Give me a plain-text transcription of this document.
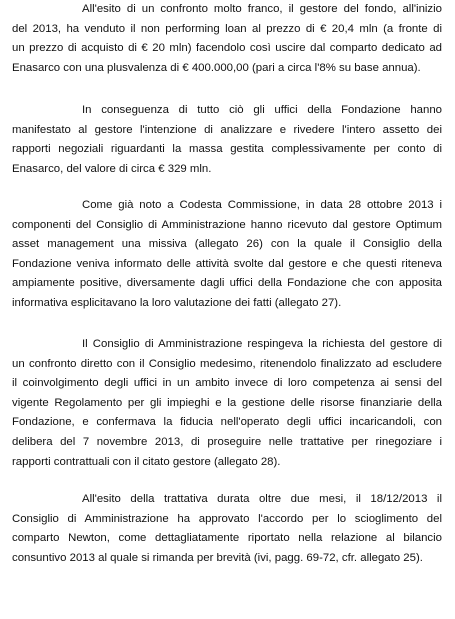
All'esito di un confronto molto franco, il gestore del fondo, all'inizio
del 2013, ha venduto il non performing loan al prezzo di € 20,4 mln (a fronte di
un prezzo di acquisto di € 20 mln) facendolo così uscire dal comparto dedicato ad
Enasarco con una plusvalenza di € 400.000,00 (pari a circa l'8% su base annua).
In conseguenza di tutto ciò gli uffici della Fondazione hanno
manifestato al gestore l'intenzione di analizzare e rivedere l'intero assetto dei
rapporti negoziali riguardanti la massa gestita complessivamente per conto di
Enasarco, del valore di circa € 329 mln.
Come già noto a Codesta Commissione, in data 28 ottobre 2013 i
componenti del Consiglio di Amministrazione hanno ricevuto dal gestore Optimum
asset management una missiva (allegato 26) con la quale il Consiglio della
Fondazione veniva informato delle attività svolte dal gestore e che questi riteneva
ampiamente positive, diversamente dagli uffici della Fondazione che con apposita
informativa esplicitavano la loro valutazione dei fatti (allegato 27).
Il Consiglio di Amministrazione respingeva la richiesta del gestore di
un confronto diretto con il Consiglio medesimo, ritenendolo finalizzato ad escludere
il coinvolgimento degli uffici in un ambito invece di loro competenza ai sensi del
vigente Regolamento per gli impieghi e la gestione delle risorse finanziarie della
Fondazione, e confermava la fiducia nell'operato degli uffici incaricandoli, con
delibera del 7 novembre 2013, di proseguire nelle trattative per rinegoziare i
rapporti contrattuali con il citato gestore (allegato 28).
All'esito della trattativa durata oltre due mesi, il 18/12/2013 il
Consiglio di Amministrazione ha approvato l'accordo per lo scioglimento del
comparto Newton, come dettagliatamente riportato nella relazione al bilancio
consuntivo 2013 al quale si rimanda per brevità (ivi, pagg. 69-72, cfr. allegato 25).
